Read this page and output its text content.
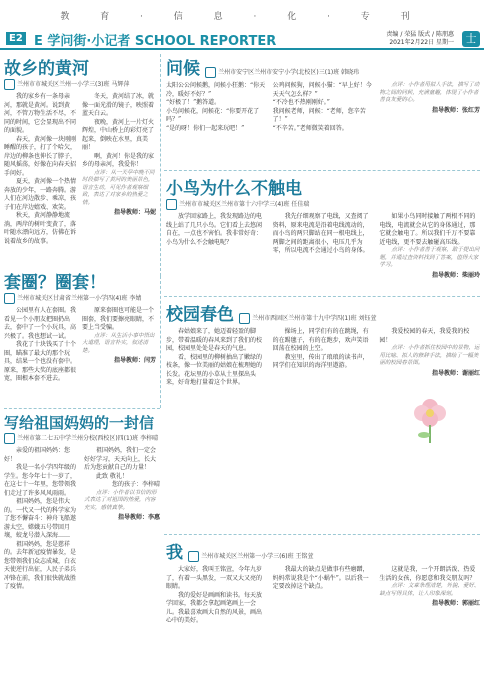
教 育 · 信 息 · 化 · 专 刊
E2 E 学问街·小记者 SCHOOL REPORTER	责编 / 荣猛 版式 / 陈朋惠
2021年2月22日 星期一	士
故乡的黄河
兰州市市城关区兰州一小学三(3)班 马辉萍

我的家乡有一条母亲河，那就是黄河。说到黄河，不管万物生活不尽，不同的时间，它会显现出不同的面貌。

春天，黄河像一块刚刚睡醒的孩子，打了个哈欠，岸边的柳条也伸长了脖子，随风摇荡，好像在向春天招手问好。

夏天，黄河像一个热情奔放的少年，一路奔腾。游人们在河边散步、乘凉，孩子们在岸边嬉戏、欢笑。

秋天，黄河静静地流淌，两岸的树叶变黄了，落叶随水漂向远方，仿佛在诉说着故乡的故事。

冬天，黄河结了冰，就像一面光滑的镜子，映照着蓝天白云。

夜晚，黄河上一片灯火辉煌，中山桥上的彩灯亮了起来，倒映在水里，真美丽！

啊，黄河！你是我的家乡的母亲河，我爱你！

点评：从一天早中晚不同时段描写了黄河的美丽景色，语言生动，可见作者观察细致，表达了对家乡的热爱之情。

指导教师：马妮
套圈？圈套！
兰州市城关区甘肃省兰州第一小学四(4)班 李婧

公园里有人在套圈。我看见一个小朋友把圈扔出去，套中了一个小玩具，高兴极了。我也想试一试。

我花了十块钱买了十个圈，瞄准了最大的那个玩具，结果一个也没有套中。原来，那些大奖的底座都很宽，圈根本套不进去。

原来套圈也可能是一个圈套，我们要擦亮眼睛，不要上当受骗。

点评：从生活小事中悟出大道理，语言朴实，叙述清楚。

指导教师：闫芳
写给祖国妈妈的一封信
兰州市第二七五中学兰州分校(西校区)四(1)班 李梓晴

亲爱的祖国妈妈：您好！

我是一名小学四年级的学生。您今年七十一岁了，在这七十一年里，您带领我们走过了许多风风雨雨。

祖国妈妈，您是伟大的。一代又一代的科学家为了您不懈奋斗：神舟飞船遨游太空，嫦娥五号带回月壤，蛟龙号潜入深海……

祖国妈妈，您是慈祥的。去年新冠疫情暴发，是您带领我们众志成城，白衣天使逆行出征，人民子弟兵冲锋在前，我们很快就战胜了疫情。

祖国妈妈，我们一定会好好学习，天天向上，长大后为您贡献自己的力量！

此致 敬礼！

您的孩子：李梓晴

点评：小作者以书信的形式表达了对祖国的热爱，内容充实，感情真挚。

指导教师：李惠
问候	兰州市安宁区兰州市安宁小学(北校区)三(1)班 韩晓玮

太阳公公问候鹅，问候小狂鹅：“你天冷，暖好不好？”

“好极了！”鹅答道。

小鸟问候花，问候花：“你要开花了吗？”

“是的呀！你们一起来玩吧！”

公鸡问候狗，问候小猫：“早上好！今天天气怎么样？”

“不冷也不热刚刚好。”

我问候老师，问候：“老师，您辛苦了！”

“不辛苦。”老师微笑着回答。

点评：小作者用拟人手法，描写了动物之间的问候，充满童趣，体现了小作者善良友爱的心。

指导教师：张红芳
小鸟为什么不触电
兰州市市城关区兰州市第十六中学三(4)班 任佳瑞

放学回家路上，我发现路边的电线上站了几只小鸟。它们看上去悠闲自在，一点也不害怕。我非常好奇：小鸟为什么不会触电呢？

我先仔细观察了电线，又查阅了资料，原来电流是沿着电线流动的，而小鸟的两只脚站在同一根电线上，两脚之间的距离很小，电压几乎为零，所以电流不会通过小鸟的身体。

如果小鸟同时接触了两根不同的电线，电流就会从它的身体通过，那它就会触电了。所以我们千万不要靠近电线，更不要去触碰高压线。

点评：小作者善于观察，敢于提出问题，并通过查资料找到了答案，值得大家学习。

指导教师：柴丽玲
校园春色	兰州市西固区兰州市第十九中学四(1)班 刘钰萱

春姑娘来了，她迈着轻盈的脚步，带着温暖的春风来到了我们的校园，校园里处处是春天的气息。

看，校园里的柳树抽出了嫩绿的枝条，像一位美丽的姑娘在梳理她的长发。花坛里的小草从土里探出头来，好奇地打量着这个世界。

操场上，同学们有的在跳绳，有的在踢毽子，有的在跑步，欢声笑语回荡在校园的上空。

教室里，传出了琅琅的读书声，同学们在知识的海洋里遨游。

我爱校园的春天，我爱我的校园！

点评：小作者抓住校园中的景物，运用比喻、拟人的修辞手法，描绘了一幅美丽的校园春景图。

指导教师：谢丽红
我	兰州市城关区兰州第一小学三(6)班 王铭萱

大家好，我叫王铭萱，今年九岁了，有着一头黑发，一双又大又亮的眼睛。

我的爱好是画画和读书。每天放学回家，我都会拿起画笔画上一会儿。我最喜欢画大自然的风景，画出心中的美好。

我最大的缺点是做事有些磨蹭，妈妈常说我是个“小蜗牛”。以后我一定要改掉这个缺点。

这就是我，一个开朗活泼、热爱生活的女孩，你愿意和我交朋友吗？

点评：文章条理清楚，外貌、爱好、缺点写得具体，让人印象深刻。

指导教师：郭丽红
